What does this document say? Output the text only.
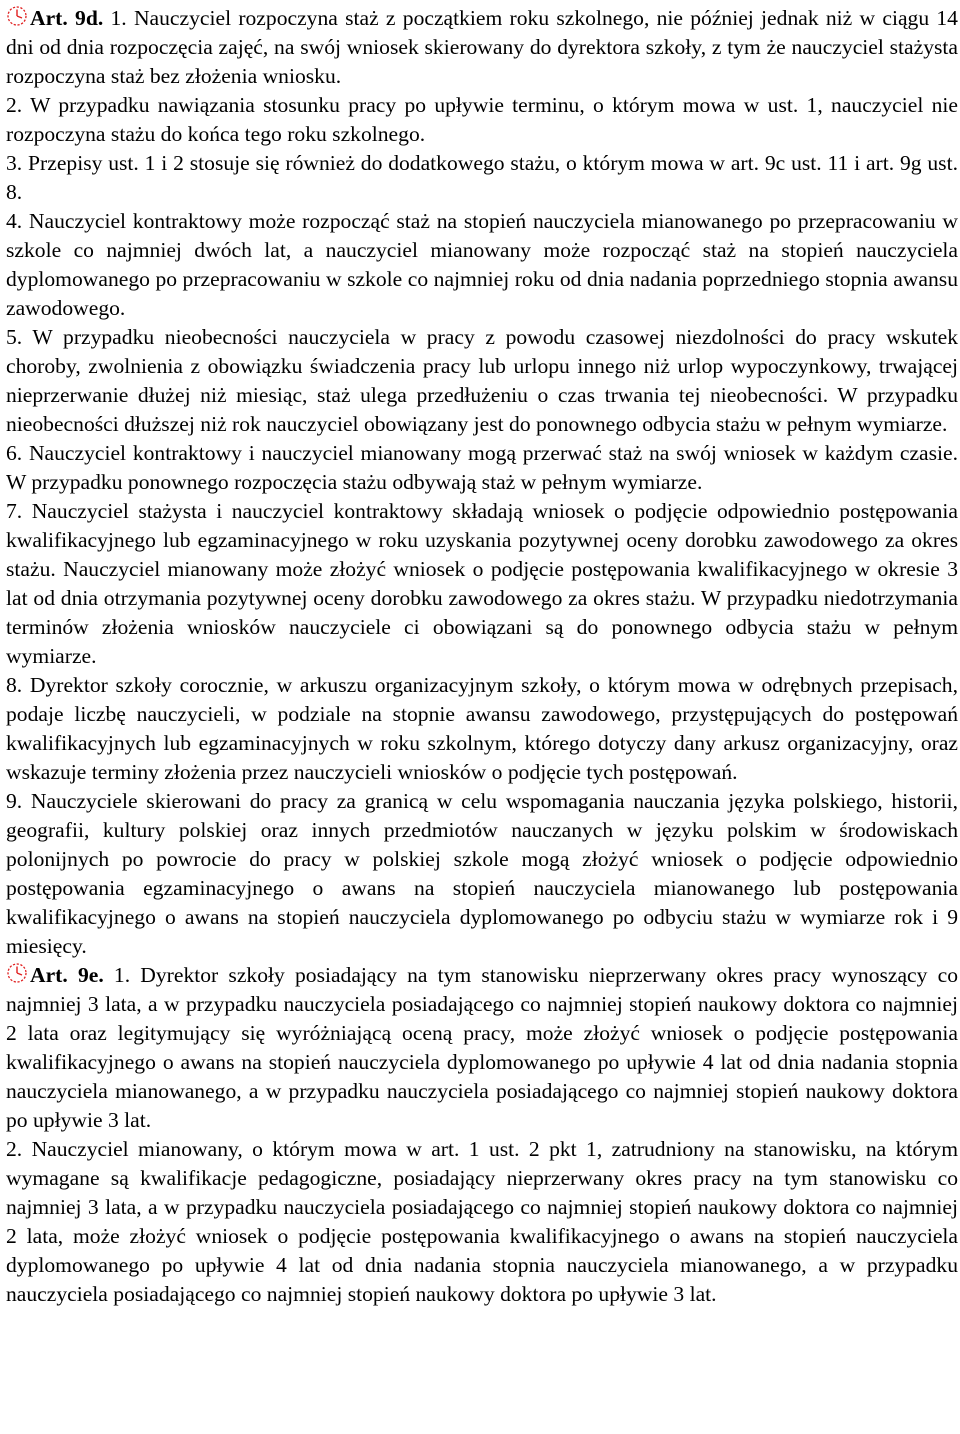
Art. 9d. 1. Nauczyciel rozpoczyna staż z początkiem roku szkolnego, nie później jednak niż w ciągu 14 dni od dnia rozpoczęcia zajęć, na swój wniosek skierowany do dyrektora szkoły, z tym że nauczyciel stażysta rozpoczyna staż bez złożenia wniosku.

2. W przypadku nawiązania stosunku pracy po upływie terminu, o którym mowa w ust. 1, nauczyciel nie rozpoczyna stażu do końca tego roku szkolnego.

3. Przepisy ust. 1 i 2 stosuje się również do dodatkowego stażu, o którym mowa w art. 9c ust. 11 i art. 9g ust. 8.

4. Nauczyciel kontraktowy może rozpocząć staż na stopień nauczyciela mianowanego po przepracowaniu w szkole co najmniej dwóch lat, a nauczyciel mianowany może rozpocząć staż na stopień nauczyciela dyplomowanego po przepracowaniu w szkole co najmniej roku od dnia nadania poprzedniego stopnia awansu zawodowego.

5. W przypadku nieobecności nauczyciela w pracy z powodu czasowej niezdolności do pracy wskutek choroby, zwolnienia z obowiązku świadczenia pracy lub urlopu innego niż urlop wypoczynkowy, trwającej nieprzerwanie dłużej niż miesiąc, staż ulega przedłużeniu o czas trwania tej nieobecności. W przypadku nieobecności dłuższej niż rok nauczyciel obowiązany jest do ponownego odbycia stażu w pełnym wymiarze.

6. Nauczyciel kontraktowy i nauczyciel mianowany mogą przerwać staż na swój wniosek w każdym czasie. W przypadku ponownego rozpoczęcia stażu odbywają staż w pełnym wymiarze.

7. Nauczyciel stażysta i nauczyciel kontraktowy składają wniosek o podjęcie odpowiednio postępowania kwalifikacyjnego lub egzaminacyjnego w roku uzyskania pozytywnej oceny dorobku zawodowego za okres stażu. Nauczyciel mianowany może złożyć wniosek o podjęcie postępowania kwalifikacyjnego w okresie 3 lat od dnia otrzymania pozytywnej oceny dorobku zawodowego za okres stażu. W przypadku niedotrzymania terminów złożenia wniosków nauczyciele ci obowiązani są do ponownego odbycia stażu w pełnym wymiarze.

8. Dyrektor szkoły corocznie, w arkuszu organizacyjnym szkoły, o którym mowa w odrębnych przepisach, podaje liczbę nauczycieli, w podziale na stopnie awansu zawodowego, przystępujących do postępowań kwalifikacyjnych lub egzaminacyjnych w roku szkolnym, którego dotyczy dany arkusz organizacyjny, oraz wskazuje terminy złożenia przez nauczycieli wniosków o podjęcie tych postępowań.

9. Nauczyciele skierowani do pracy za granicą w celu wspomagania nauczania języka polskiego, historii, geografii, kultury polskiej oraz innych przedmiotów nauczanych w języku polskim w środowiskach polonijnych po powrocie do pracy w polskiej szkole mogą złożyć wniosek o podjęcie odpowiednio postępowania egzaminacyjnego o awans na stopień nauczyciela mianowanego lub postępowania kwalifikacyjnego o awans na stopień nauczyciela dyplomowanego po odbyciu stażu w wymiarze rok i 9 miesięcy.

Art. 9e. 1. Dyrektor szkoły posiadający na tym stanowisku nieprzerwany okres pracy wynoszący co najmniej 3 lata, a w przypadku nauczyciela posiadającego co najmniej stopień naukowy doktora co najmniej 2 lata oraz legitymujący się wyróżniającą oceną pracy, może złożyć wniosek o podjęcie postępowania kwalifikacyjnego o awans na stopień nauczyciela dyplomowanego po upływie 4 lat od dnia nadania stopnia nauczyciela mianowanego, a w przypadku nauczyciela posiadającego co najmniej stopień naukowy doktora po upływie 3 lat.

2. Nauczyciel mianowany, o którym mowa w art. 1 ust. 2 pkt 1, zatrudniony na stanowisku, na którym wymagane są kwalifikacje pedagogiczne, posiadający nieprzerwany okres pracy na tym stanowisku co najmniej 3 lata, a w przypadku nauczyciela posiadającego co najmniej stopień naukowy doktora co najmniej 2 lata, może złożyć wniosek o podjęcie postępowania kwalifikacyjnego o awans na stopień nauczyciela dyplomowanego po upływie 4 lat od dnia nadania stopnia nauczyciela mianowanego, a w przypadku nauczyciela posiadającego co najmniej stopień naukowy doktora po upływie 3 lat.
